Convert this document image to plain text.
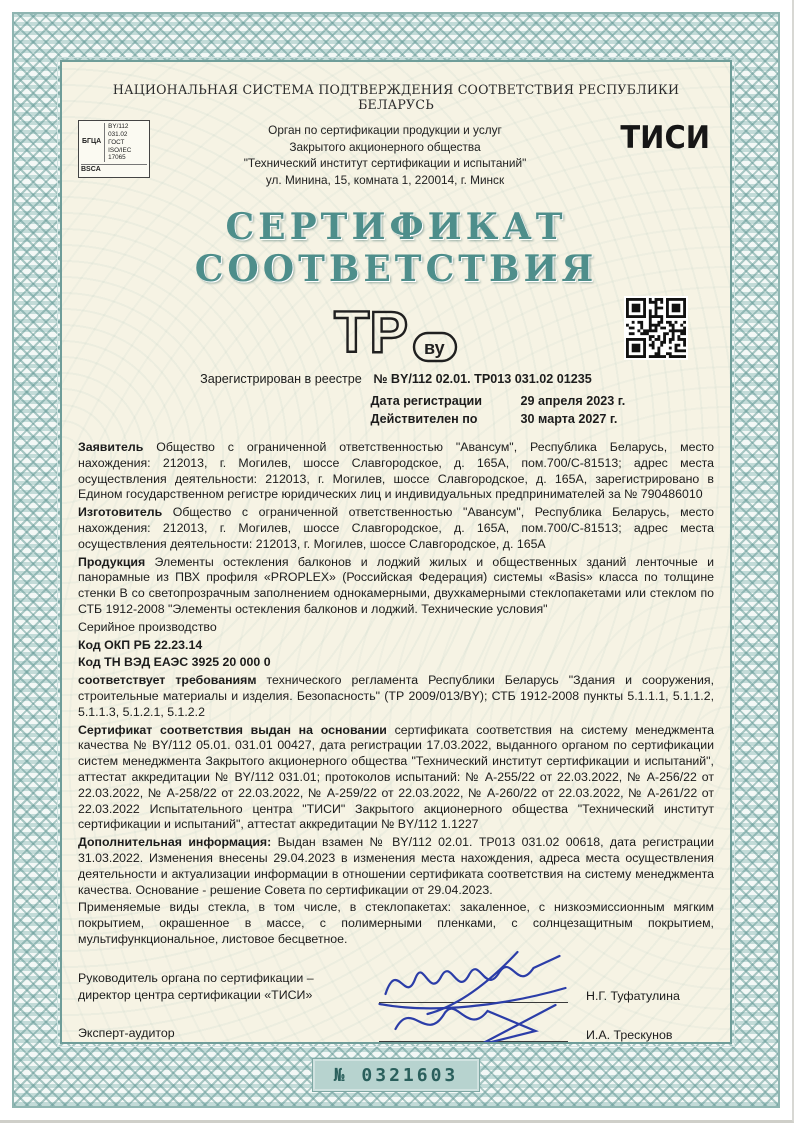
НАЦИОНАЛЬНАЯ СИСТЕМА ПОДТВЕРЖДЕНИЯ СООТВЕТСТВИЯ РЕСПУБЛИКИ БЕЛАРУСЬ
БГЦА
BY/112 031.02
ГОСТ ISO/IEC 17065
BSCA
Орган по сертификации продукции и услуг
Закрытого акционерного общества
"Технический институт сертификации и испытаний"
ул. Минина, 15, комната 1, 220014, г. Минск
ТИСИ
СЕРТИФИКАТ СООТВЕТСТВИЯ
ТР ву
Зарегистрирован в реестре № BY/112 02.01. ТР013 031.02 01235
Дата регистрации	29 апреля 2023 г.
Действителен по	30 марта 2027 г.

Заявитель Общество с ограниченной ответственностью "Авансум", Республика Беларусь, место нахождения: 212013, г. Могилев, шоссе Славгородское, д. 165А, пом.700/С-81513; адрес места осуществления деятельности: 212013, г. Могилев, шоссе Славгородское, д. 165А, зарегистрировано в Едином государственном регистре юридических лиц и индивидуальных предпринимателей за № 790486010

Изготовитель Общество с ограниченной ответственностью "Авансум", Республика Беларусь, место нахождения: 212013, г. Могилев, шоссе Славгородское, д. 165А, пом.700/С-81513; адрес места осуществления деятельности: 212013, г. Могилев, шоссе Славгородское, д. 165А

Продукция Элементы остекления балконов и лоджий жилых и общественных зданий ленточные и панорамные из ПВХ профиля «PROPLEX» (Российская Федерация) системы «Basis» класса по толщине стенки В со светопрозрачным заполнением однокамерными, двухкамерными стеклопакетами или стеклом по СТБ 1912-2008 "Элементы остекления балконов и лоджий. Технические условия"

Серийное производство

Код ОКП РБ 22.23.14

Код ТН ВЭД ЕАЭС 3925 20 000 0

соответствует требованиям технического регламента Республики Беларусь "Здания и сооружения, строительные материалы и изделия. Безопасность" (ТР 2009/013/BY); СТБ 1912-2008 пункты 5.1.1.1, 5.1.1.2, 5.1.1.3, 5.1.2.1, 5.1.2.2

Сертификат соответствия выдан на основании сертификата соответствия на систему менеджмента качества № BY/112 05.01. 031.01 00427, дата регистрации 17.03.2022, выданного органом по сертификации систем менеджмента Закрытого акционерного общества "Технический институт сертификации и испытаний", аттестат аккредитации № BY/112 031.01; протоколов испытаний: № А-255/22 от 22.03.2022, № А-256/22 от 22.03.2022, № А-258/22 от 22.03.2022, № А-259/22 от 22.03.2022, № А-260/22 от 22.03.2022, № А-261/22 от 22.03.2022 Испытательного центра "ТИСИ" Закрытого акционерного общества "Технический институт сертификации и испытаний", аттестат аккредитации № BY/112 1.1227

Дополнительная информация: Выдан взамен № BY/112 02.01. ТР013 031.02 00618, дата регистрации 31.03.2022. Изменения внесены 29.04.2023 в изменения места нахождения, адреса места осуществления деятельности и актуализации информации в отношении сертификата соответствия на систему менеджмента качества. Основание - решение Совета по сертификации от 29.04.2023.

Применяемые виды стекла, в том числе, в стеклопакетах: закаленное, с низкоэмиссионным мягким покрытием, окрашенное в массе, с полимерными пленками, с солнцезащитным покрытием, мультифункциональное, листовое бесцветное.

Руководитель органа по сертификации –
директор центра сертификации «ТИСИ»	Н.Г. Туфатулина
Эксперт-аудитор	И.А. Трескунов
№ 0321603
